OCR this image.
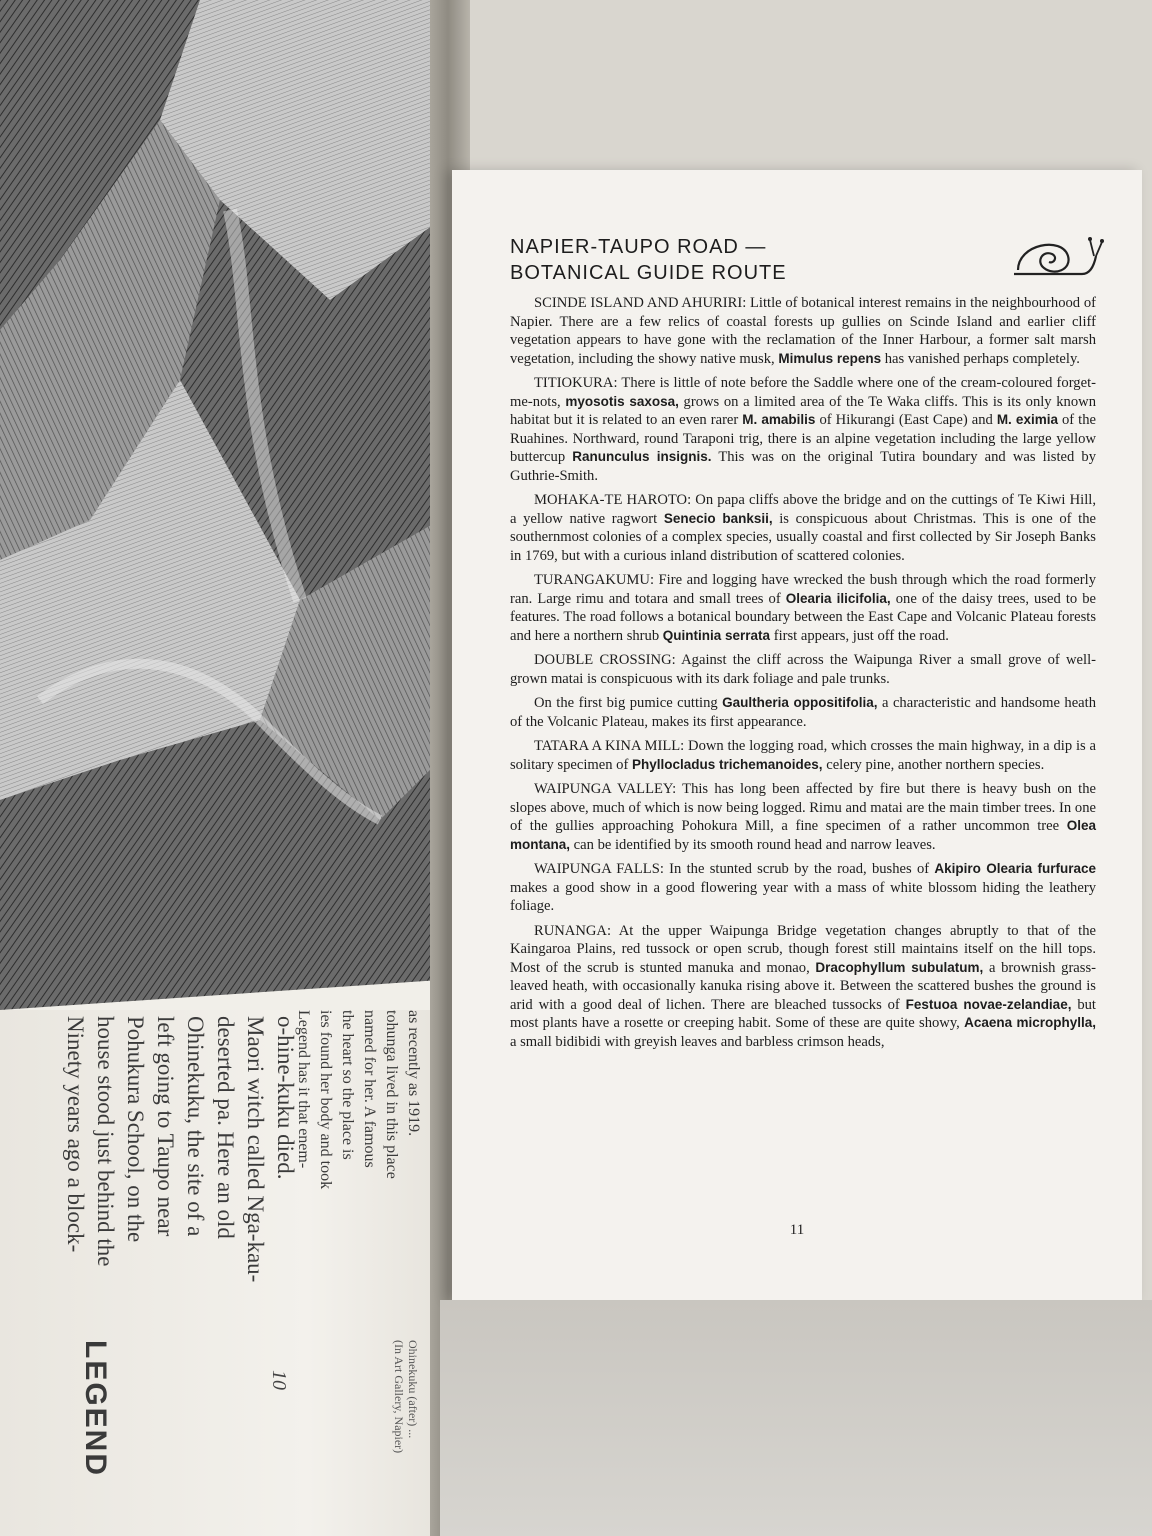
LEGEND
Ninety years ago a block- house stood just behind the Pohukura School, on the left going to Taupo near Ohinekuku, the site of a deserted pa. Here an old Maori witch called Nga-kau- o-hine-kuku died.
Legend has it that enem- ies found her body and took the heart so the place is named for her. A famous tohunga lived in this place as recently as 1919.
10	Ohinekuku (after) ...
(In Art Gallery, Napier)
NAPIER-TAUPO ROAD —
BOTANICAL GUIDE ROUTE

SCINDE ISLAND AND AHURIRI: Little of botanical interest remains in the neighbourhood of Napier. There are a few relics of coastal forests up gullies on Scinde Island and earlier cliff vegetation appears to have gone with the reclamation of the Inner Harbour, a former salt marsh vegetation, including the showy native musk, Mimulus repens has vanished perhaps completely.

TITIOKURA: There is little of note before the Saddle where one of the cream-coloured forget-me-nots, myosotis saxosa, grows on a limited area of the Te Waka cliffs. This is its only known habitat but it is related to an even rarer M. amabilis of Hikurangi (East Cape) and M. eximia of the Ruahines. Northward, round Taraponi trig, there is an alpine vegetation including the large yellow buttercup Ranunculus insignis. This was on the original Tutira boundary and was listed by Guthrie-Smith.

MOHAKA-TE HAROTO: On papa cliffs above the bridge and on the cuttings of Te Kiwi Hill, a yellow native ragwort Senecio banksii, is conspicuous about Christmas. This is one of the southernmost colonies of a complex species, usually coastal and first collected by Sir Joseph Banks in 1769, but with a curious inland distribution of scattered colonies.

TURANGAKUMU: Fire and logging have wrecked the bush through which the road formerly ran. Large rimu and totara and small trees of Olearia ilicifolia, one of the daisy trees, used to be features. The road follows a botanical boundary between the East Cape and Volcanic Plateau forests and here a northern shrub Quintinia serrata first appears, just off the road.

DOUBLE CROSSING: Against the cliff across the Waipunga River a small grove of well-grown matai is conspicuous with its dark foliage and pale trunks.

On the first big pumice cutting Gaultheria oppositifolia, a characteristic and handsome heath of the Volcanic Plateau, makes its first appearance.

TATARA A KINA MILL: Down the logging road, which crosses the main highway, in a dip is a solitary specimen of Phyllocladus trichemanoides, celery pine, another northern species.

WAIPUNGA VALLEY: This has long been affected by fire but there is heavy bush on the slopes above, much of which is now being logged. Rimu and matai are the main timber trees. In one of the gullies approaching Pohokura Mill, a fine specimen of a rather uncommon tree Olea montana, can be identified by its smooth round head and narrow leaves.

WAIPUNGA FALLS: In the stunted scrub by the road, bushes of Akipiro Olearia furfurace makes a good show in a good flowering year with a mass of white blossom hiding the leathery foliage.

RUNANGA: At the upper Waipunga Bridge vegetation changes abruptly to that of the Kaingaroa Plains, red tussock or open scrub, though forest still maintains itself on the hill tops. Most of the scrub is stunted manuka and monao, Dracophyllum subulatum, a brownish grass-leaved heath, with occasionally kanuka rising above it. Between the scattered bushes the ground is arid with a good deal of lichen. There are bleached tussocks of Festuoa novae-zelandiae, but most plants have a rosette or creeping habit. Some of these are quite showy, Acaena microphylla, a small bidibidi with greyish leaves and barbless crimson heads,

11
